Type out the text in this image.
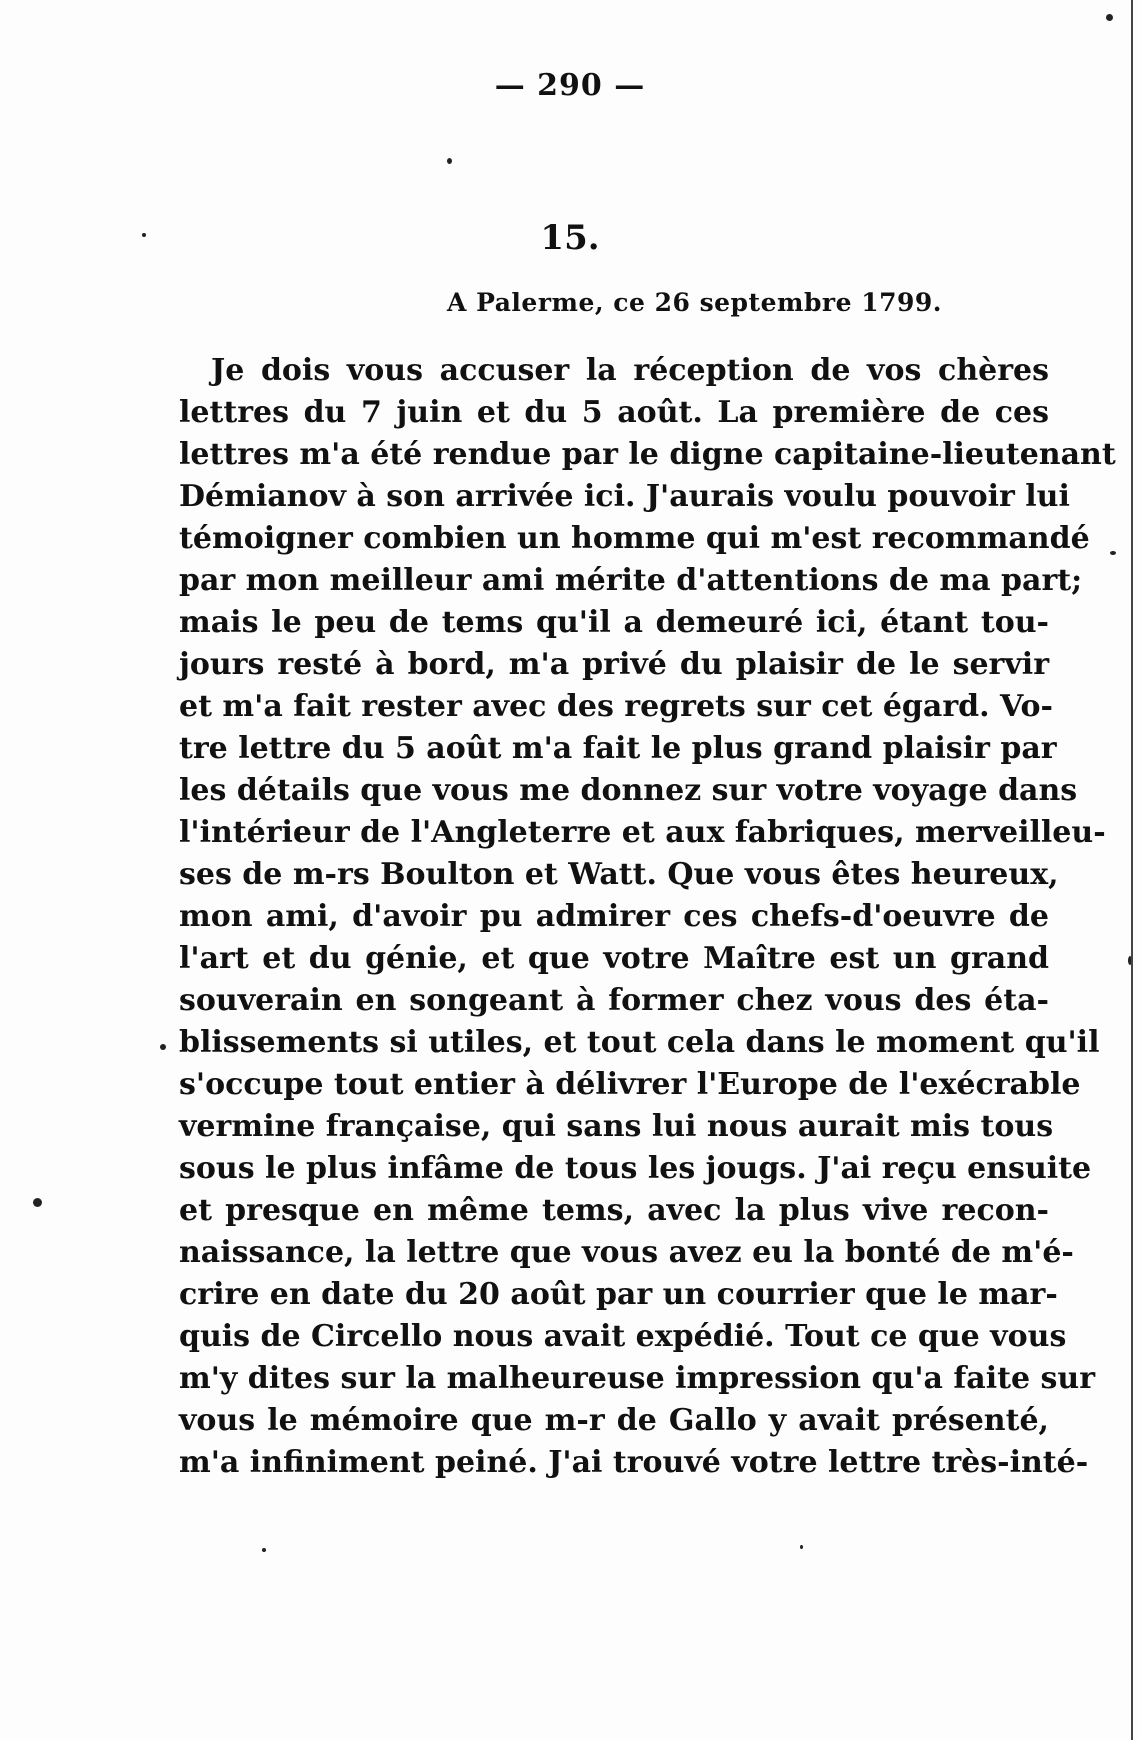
— 290 —
15.
A Palerme, ce 26 septembre 1799.
Je dois vous accuser la réception de vos chères
lettres du 7 juin et du 5 août. La première de ces
lettres m'a été rendue par le digne capitaine-lieutenant
Démianov à son arrivée ici. J'aurais voulu pouvoir lui
témoigner combien un homme qui m'est recommandé
par mon meilleur ami mérite d'attentions de ma part;
mais le peu de tems qu'il a demeuré ici, étant tou-
jours resté à bord, m'a privé du plaisir de le servir
et m'a fait rester avec des regrets sur cet égard. Vo-
tre lettre du 5 août m'a fait le plus grand plaisir par
les détails que vous me donnez sur votre voyage dans
l'intérieur de l'Angleterre et aux fabriques, merveilleu-
ses de m-rs Boulton et Watt. Que vous êtes heureux,
mon ami, d'avoir pu admirer ces chefs-d'oeuvre de
l'art et du génie, et que votre Maître est un grand
souverain en songeant à former chez vous des éta-
blissements si utiles, et tout cela dans le moment qu'il
s'occupe tout entier à délivrer l'Europe de l'exécrable
vermine française, qui sans lui nous aurait mis tous
sous le plus infâme de tous les jougs. J'ai reçu ensuite
et presque en même tems, avec la plus vive recon-
naissance, la lettre que vous avez eu la bonté de m'é-
crire en date du 20 août par un courrier que le mar-
quis de Circello nous avait expédié. Tout ce que vous
m'y dites sur la malheureuse impression qu'a faite sur
vous le mémoire que m-r de Gallo y avait présenté,
m'a infiniment peiné. J'ai trouvé votre lettre très-inté-
